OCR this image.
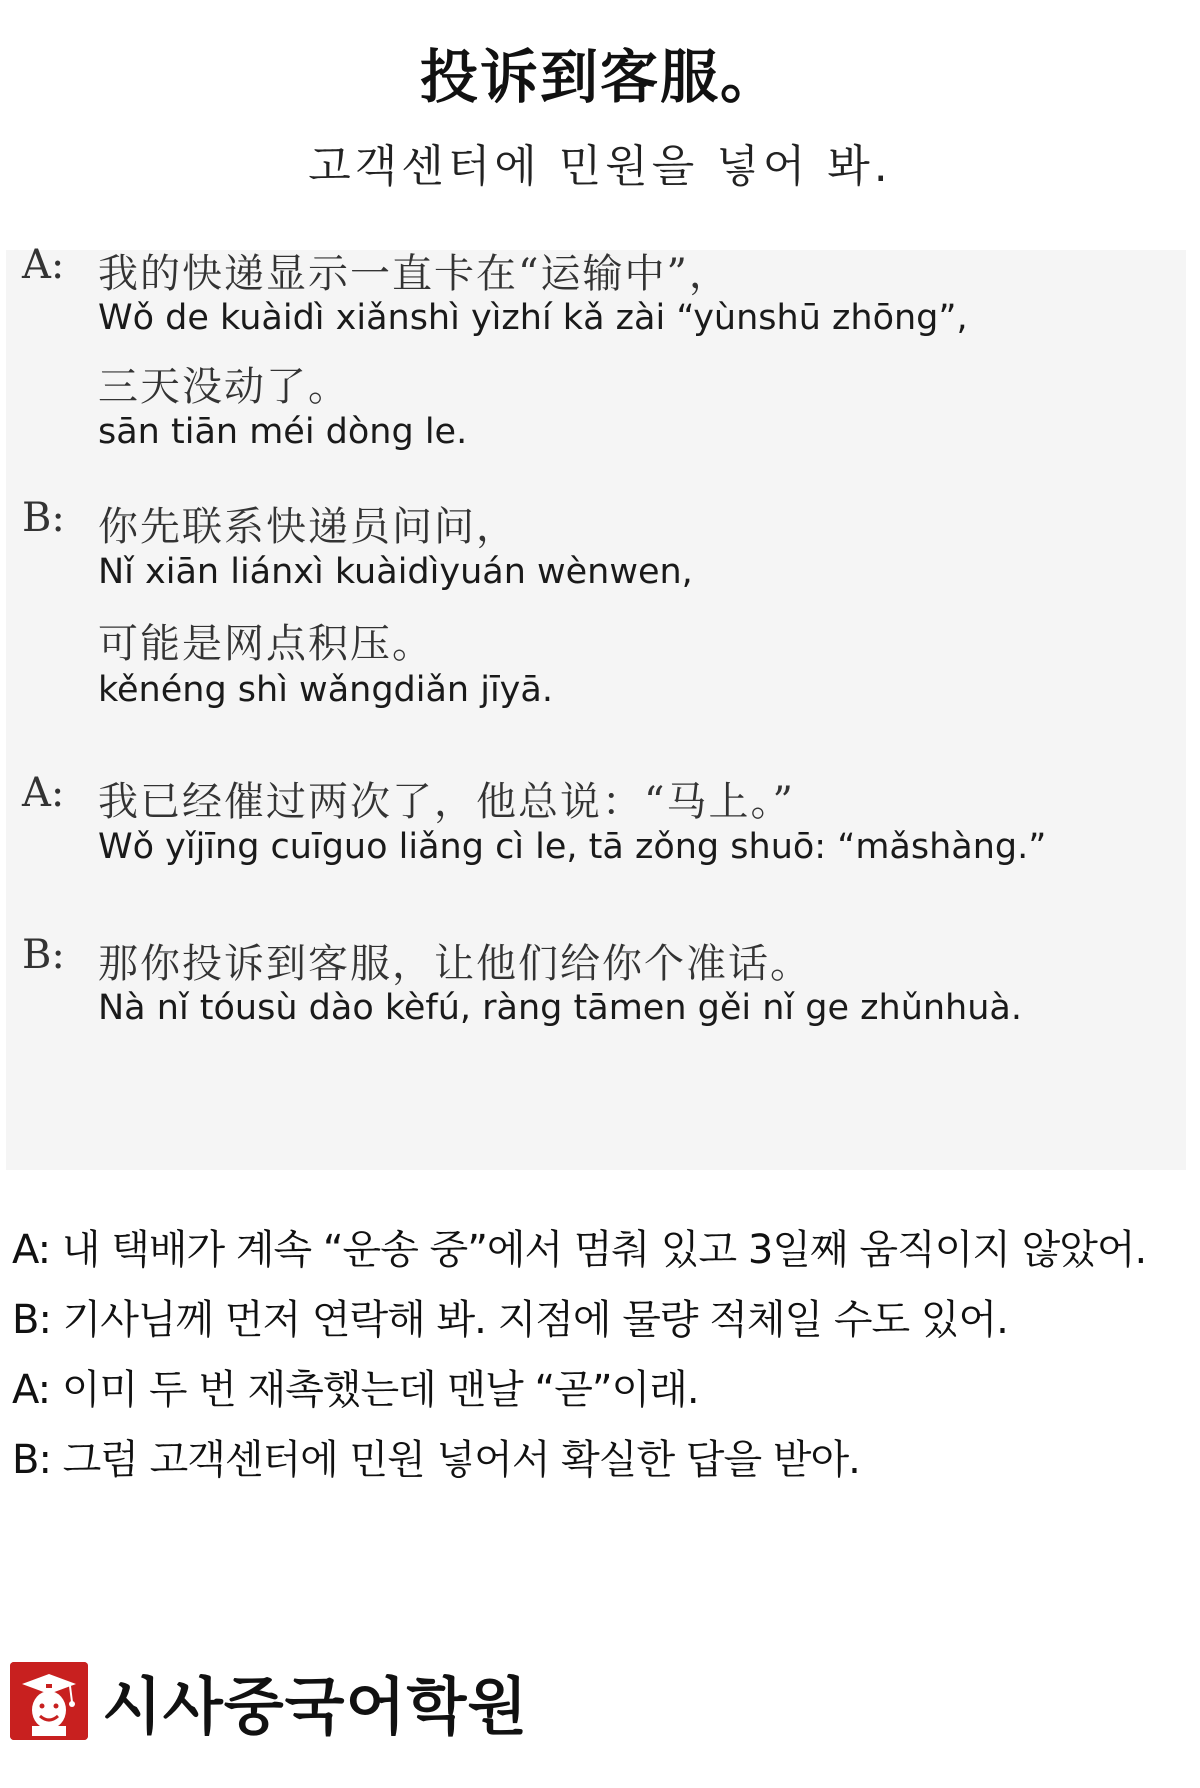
投诉到客服。
고객센터에 민원을 넣어 봐.
A: 我的快递显示一直卡在“运输中”，
Wǒ de kuàidì xiǎnshì yìzhí kǎ zài “yùnshū zhōng”,
三天没动了。
sān tiān méi dòng le.
B: 你先联系快递员问问，
Nǐ xiān liánxì kuàidìyuán wènwen,
可能是网点积压。
kěnéng shì wǎngdiǎn jīyā.
A: 我已经催过两次了，他总说：“马上。”
Wǒ yǐjīng cuīguo liǎng cì le, tā zǒng shuō: “mǎshàng.”
B: 那你投诉到客服，让他们给你个准话。
Nà nǐ tóusù dào kèfú, ràng tāmen gěi nǐ ge zhǔnhuà.
A: 내 택배가 계속 “운송 중”에서 멈춰 있고 3일째 움직이지 않았어.
B: 기사님께 먼저 연락해 봐. 지점에 물량 적체일 수도 있어.
A: 이미 두 번 재촉했는데 맨날 “곧”이래.
B: 그럼 고객센터에 민원 넣어서 확실한 답을 받아.
시사중국어학원
